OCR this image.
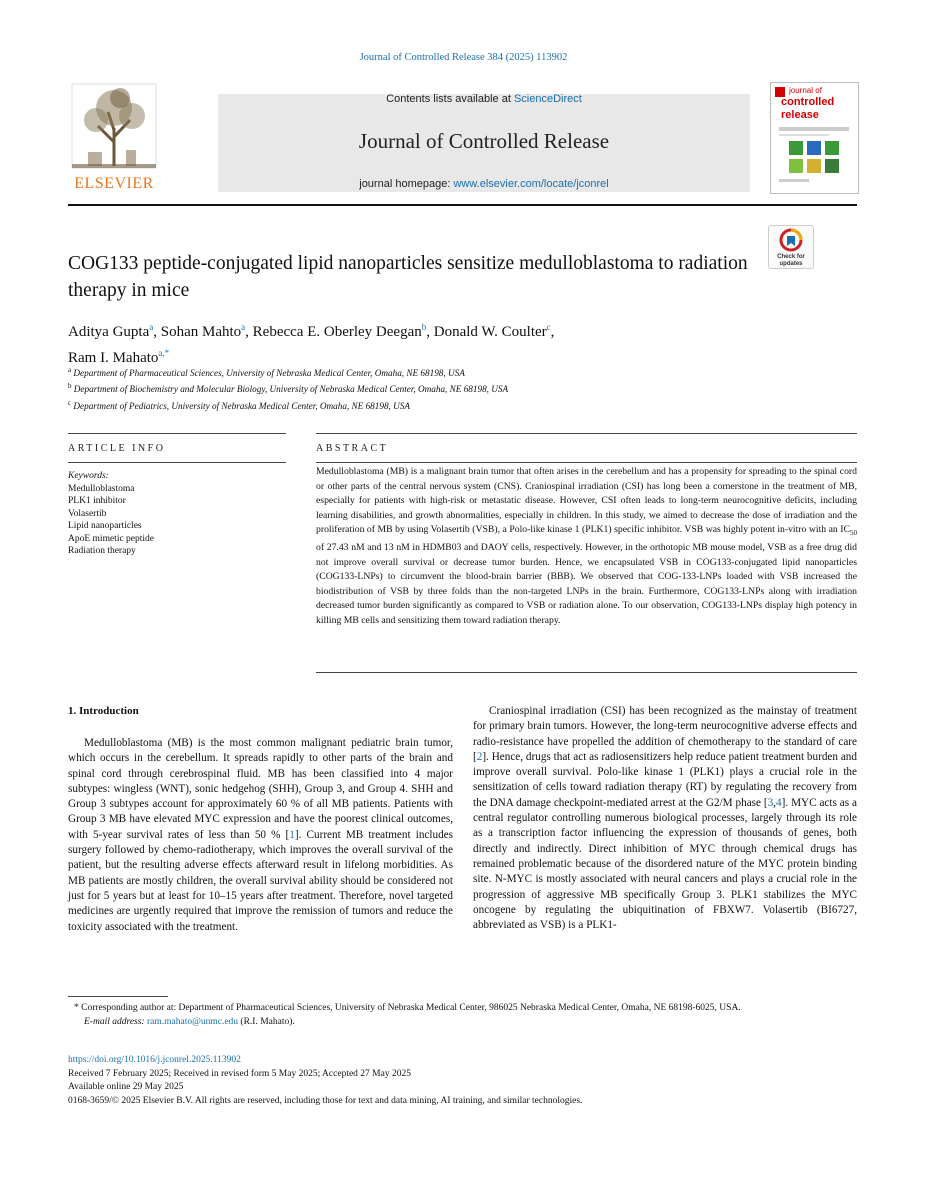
Journal of Controlled Release 384 (2025) 113902
ELSEVIER
Contents lists available at ScienceDirect
Journal of Controlled Release
journal homepage: www.elsevier.com/locate/jconrel
journal of
controlled
release
Check for updates
COG133 peptide-conjugated lipid nanoparticles sensitize medulloblastoma to radiation therapy in mice
Aditya Gupta$^a$, Sohan Mahto$^a$, Rebecca E. Oberley Deegan$^b$, Donald W. Coulter$^c$,
Ram I. Mahato$^{a,*}$
$^a$ Department of Pharmaceutical Sciences, University of Nebraska Medical Center, Omaha, NE 68198, USA
$^b$ Department of Biochemistry and Molecular Biology, University of Nebraska Medical Center, Omaha, NE 68198, USA
$^c$ Department of Pediatrics, University of Nebraska Medical Center, Omaha, NE 68198, USA
ARTICLE INFO	ABSTRACT
Keywords:
Medulloblastoma
PLK1 inhibitor
Volasertib
Lipid nanoparticles
ApoE mimetic peptide
Radiation therapy
Medulloblastoma (MB) is a malignant brain tumor that often arises in the cerebellum and has a propensity for spreading to the spinal cord or other parts of the central nervous system (CNS). Craniospinal irradiation (CSI) has long been a cornerstone in the treatment of MB, especially for patients with high-risk or metastatic disease. However, CSI often leads to long-term neurocognitive deficits, including learning disabilities, and growth abnormalities, especially in children. In this study, we aimed to decrease the dose of irradiation and the proliferation of MB by using Volasertib (VSB), a Polo-like kinase 1 (PLK1) specific inhibitor. VSB was highly potent in-vitro with an $IC_{50}$ of 27.43 nM and 13 nM in HDMB03 and DAOY cells, respectively. However, in the orthotopic MB mouse model, VSB as a free drug did not improve overall survival or decrease tumor burden. Hence, we encapsulated VSB in COG133-conjugated lipid nanoparticles (COG133-LNPs) to circumvent the blood-brain barrier (BBB). We observed that COG-133-LNPs loaded with VSB increased the biodistribution of VSB by three folds than the non-targeted LNPs in the brain. Furthermore, COG133-LNPs along with irradiation decreased tumor burden significantly as compared to VSB or radiation alone. To our observation, COG133-LNPs display high potency in killing MB cells and sensitizing them toward radiation therapy.
1. Introduction

Medulloblastoma (MB) is the most common malignant pediatric brain tumor, which occurs in the cerebellum. It spreads rapidly to other parts of the brain and spinal cord through cerebrospinal fluid. MB has been classified into 4 major subtypes: wingless (WNT), sonic hedgehog (SHH), Group 3, and Group 4. SHH and Group 3 subtypes account for approximately 60 % of all MB patients. Patients with Group 3 MB have elevated MYC expression and have the poorest clinical outcomes, with 5-year survival rates of less than 50 % [1]. Current MB treatment includes surgery followed by chemo-radiotherapy, which improves the overall survival of the patient, but the resulting adverse effects afterward result in lifelong morbidities. As MB patients are mostly children, the overall survival ability should be considered not just for 5 years but at least for 10–15 years after treatment. Therefore, novel targeted medicines are urgently required that improve the remission of tumors and reduce the toxicity associated with the treatment.

Craniospinal irradiation (CSI) has been recognized as the mainstay of treatment for primary brain tumors. However, the long-term neurocognitive adverse effects and radio-resistance have propelled the addition of chemotherapy to the standard of care [2]. Hence, drugs that act as radiosensitizers help reduce patient treatment burden and improve overall survival. Polo-like kinase 1 (PLK1) plays a crucial role in the sensitization of cells toward radiation therapy (RT) by regulating the recovery from the DNA damage checkpoint-mediated arrest at the G2/M phase [3,4]. MYC acts as a central regulator controlling numerous biological processes, largely through its role as a transcription factor influencing the expression of thousands of genes, both directly and indirectly. Direct inhibition of MYC through chemical drugs has remained problematic because of the disordered nature of the MYC protein binding site. N-MYC is mostly associated with neural cancers and plays a crucial role in the progression of aggressive MB specifically Group 3. PLK1 stabilizes the MYC oncogene by regulating the ubiquitination of FBXW7. Volasertib (BI6727, abbreviated as VSB) is a PLK1-

* Corresponding author at: Department of Pharmaceutical Sciences, University of Nebraska Medical Center, 986025 Nebraska Medical Center, Omaha, NE 68198-6025, USA.
E-mail address: ram.mahato@unmc.edu (R.I. Mahato).
https://doi.org/10.1016/j.jconrel.2025.113902
Received 7 February 2025; Received in revised form 5 May 2025; Accepted 27 May 2025
Available online 29 May 2025
0168-3659/© 2025 Elsevier B.V. All rights are reserved, including those for text and data mining, AI training, and similar technologies.
